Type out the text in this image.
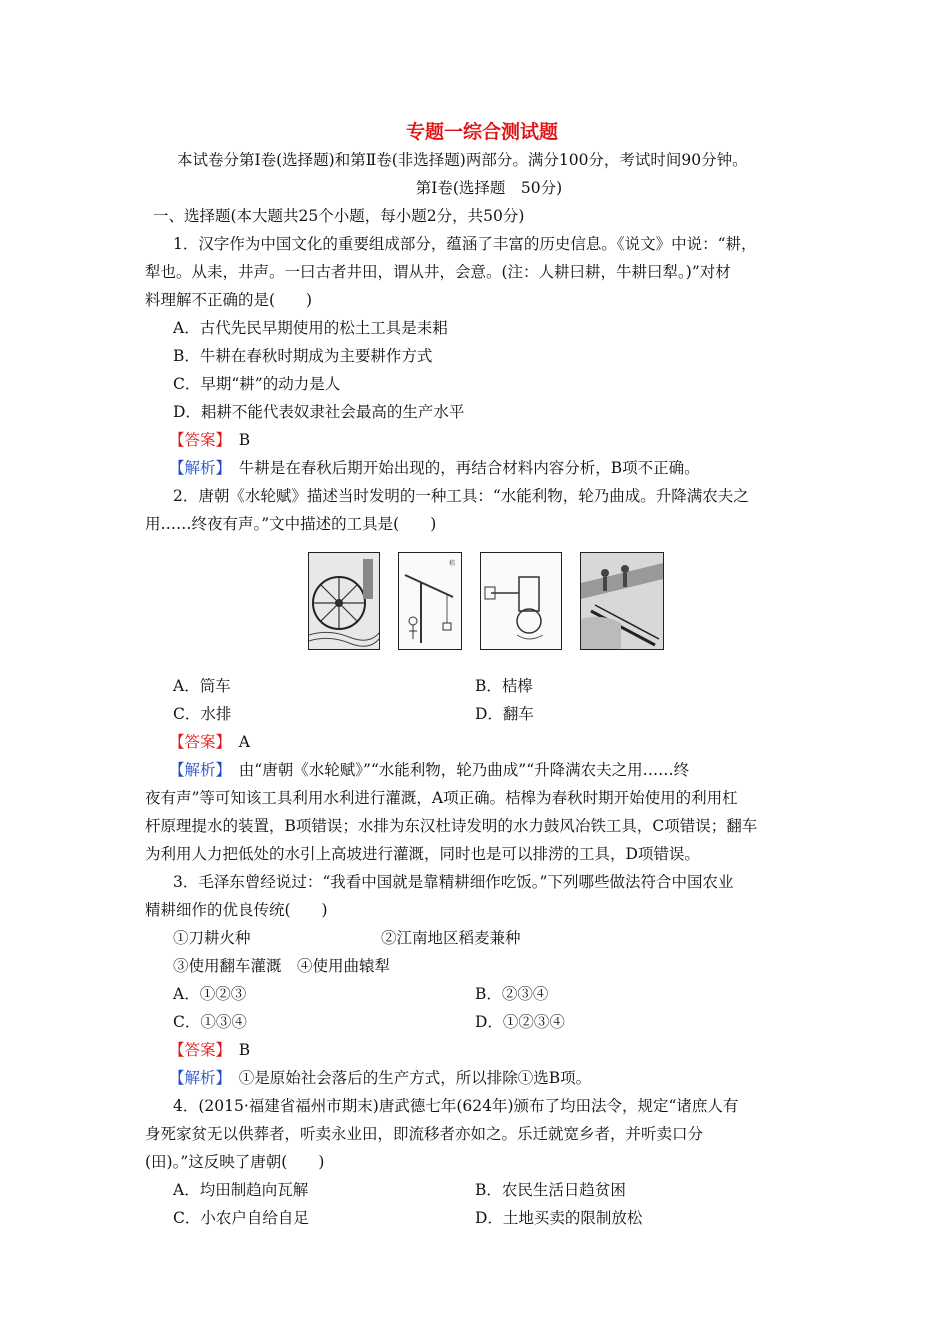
专题一综合测试题
本试卷分第Ⅰ卷(选择题)和第Ⅱ卷(非选择题)两部分。满分100分，考试时间90分钟。
第Ⅰ卷(选择题　50分)
一、选择题(本大题共25个小题，每小题2分，共50分)
1．汉字作为中国文化的重要组成部分，蕴涵了丰富的历史信息。《说文》中说：“耕，
犁也。从耒，井声。一曰古者井田，谓从井，会意。(注：人耕曰耕，牛耕曰犁。)”对材
料理解不正确的是(　　)
A．古代先民早期使用的松土工具是耒耜
B．牛耕在春秋时期成为主要耕作方式
C．早期“耕”的动力是人
D．耜耕不能代表奴隶社会最高的生产水平
【答案】　 B
【解析】　 牛耕是在春秋后期开始出现的，再结合材料内容分析，B项不正确。
2．唐朝《水轮赋》描述当时发明的一种工具：“水能利物，轮乃曲成。升降满农夫之
用……终夜有声。”文中描述的工具是(　　)
桔
A．筒车	B．桔槔
C．水排	D．翻车
【答案】　 A
【解析】　 由“唐朝《水轮赋》”“水能利物，轮乃曲成”“升降满农夫之用……终
夜有声”等可知该工具利用水利进行灌溉，A项正确。桔槔为春秋时期开始使用的利用杠
杆原理提水的装置，B项错误；水排为东汉杜诗发明的水力鼓风冶铁工具，C项错误；翻车
为利用人力把低处的水引上高坡进行灌溉，同时也是可以排涝的工具，D项错误。
3．毛泽东曾经说过：“我看中国就是靠精耕细作吃饭。”下列哪些做法符合中国农业
精耕细作的优良传统(　　)
①刀耕火种	②江南地区稻麦兼种
③使用翻车灌溉　④使用曲辕犁
A．①②③	B．②③④
C．①③④	D．①②③④
【答案】　 B
【解析】　 ①是原始社会落后的生产方式，所以排除①选B项。
4．(2015·福建省福州市期末)唐武德七年(624年)颁布了均田法令，规定“诸庶人有
身死家贫无以供葬者，听卖永业田，即流移者亦如之。乐迁就宽乡者，并听卖口分
(田)。”这反映了唐朝(　　)
A．均田制趋向瓦解	B．农民生活日趋贫困
C．小农户自给自足	D．土地买卖的限制放松
